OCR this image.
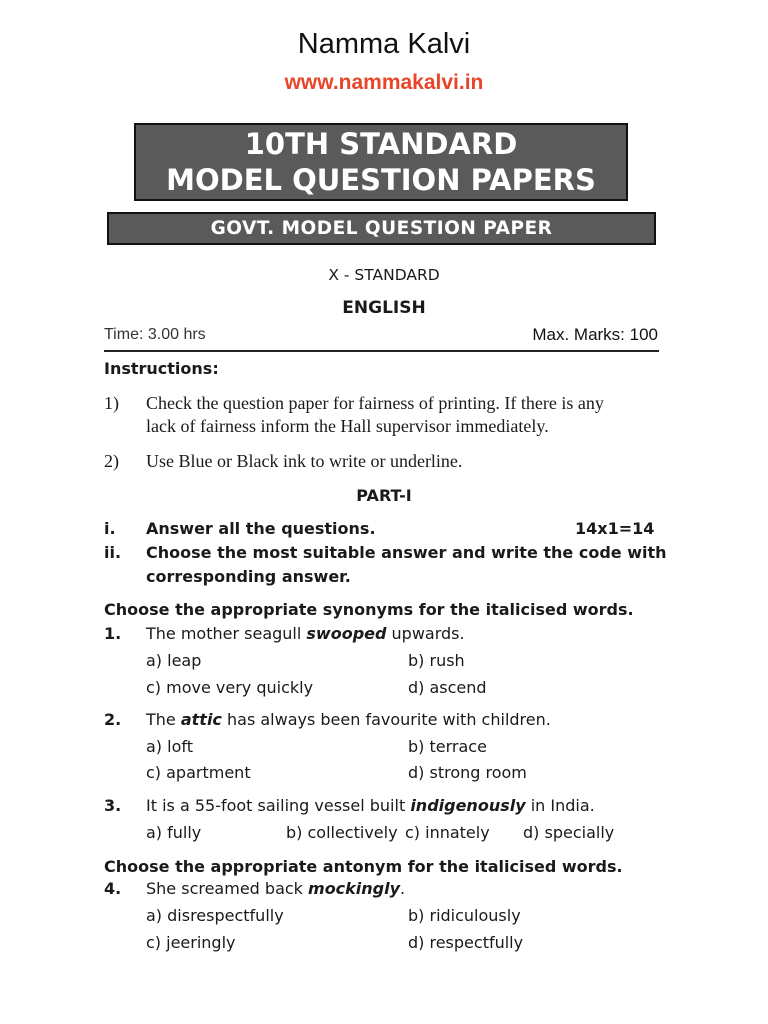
Namma Kalvi
www.nammakalvi.in
10TH STANDARD
MODEL QUESTION PAPERS
GOVT. MODEL QUESTION PAPER
X - STANDARD
ENGLISH
Time: 3.00 hrs	Max. Marks: 100
Instructions:
1) Check the question paper for fairness of printing. If there is any
lack of fairness inform the Hall supervisor immediately.
2) Use Blue or Black ink to write or underline.
PART-I
i. Answer all the questions.	14x1=14
ii. Choose the most suitable answer and write the code with
corresponding answer.
Choose the appropriate synonyms for the italicised words.
1. The mother seagull swooped upwards.
a) leap	b) rush
c) move very quickly	d) ascend
2. The attic has always been favourite with children.
a) loft	b) terrace
c) apartment	d) strong room
3. It is a 55-foot sailing vessel built indigenously in India.
a) fully	b) collectively c) innately d) specially
Choose the appropriate antonym for the italicised words.
4. She screamed back mockingly.
a) disrespectfully	b) ridiculously
c) jeeringly	d) respectfully
